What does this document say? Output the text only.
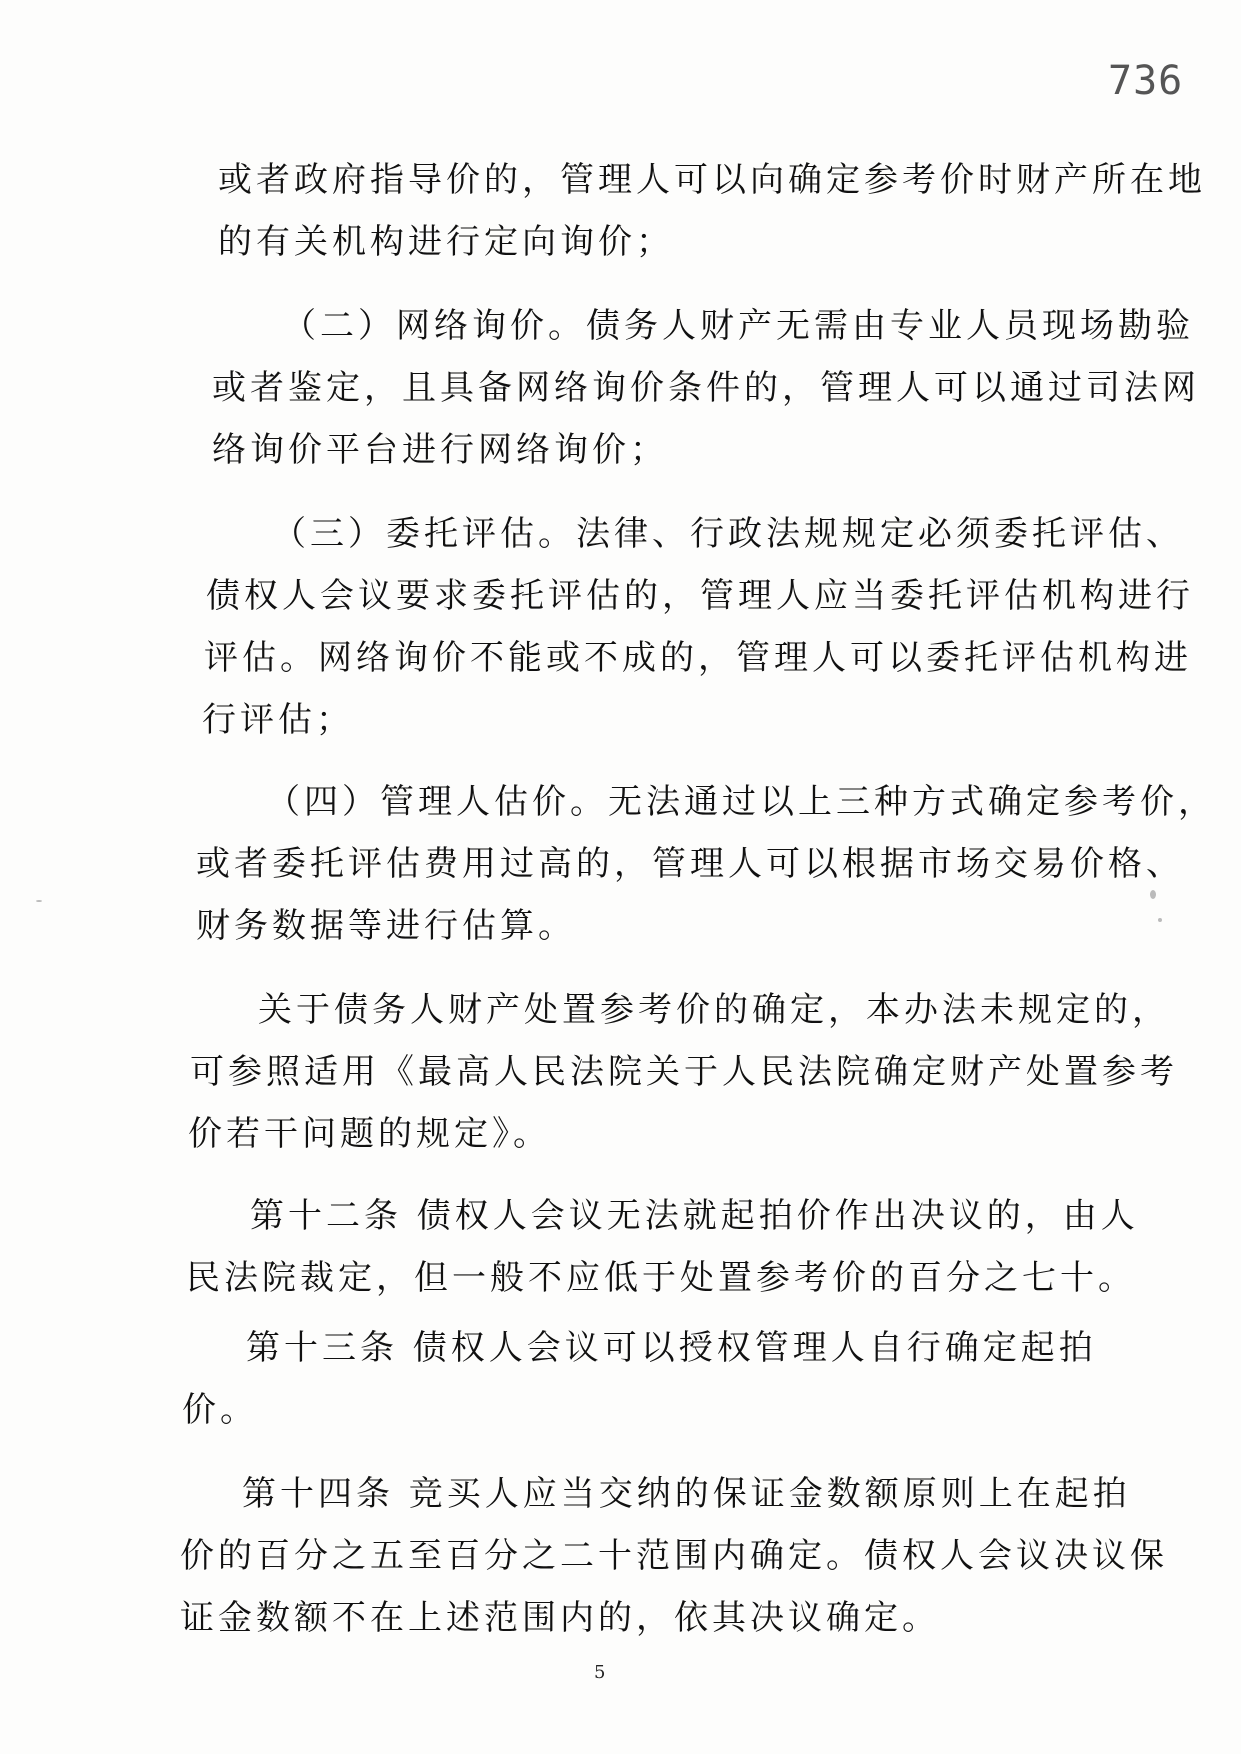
736
或者政府指导价的，管理人可以向确定参考价时财产所在地
的有关机构进行定向询价；
（二）网络询价。债务人财产无需由专业人员现场勘验
或者鉴定，且具备网络询价条件的，管理人可以通过司法网
络询价平台进行网络询价；
（三）委托评估。法律、行政法规规定必须委托评估、
债权人会议要求委托评估的，管理人应当委托评估机构进行
评估。网络询价不能或不成的，管理人可以委托评估机构进
行评估；
（四）管理人估价。无法通过以上三种方式确定参考价，
或者委托评估费用过高的，管理人可以根据市场交易价格、
财务数据等进行估算。
关于债务人财产处置参考价的确定，本办法未规定的，
可参照适用《最高人民法院关于人民法院确定财产处置参考
价若干问题的规定》。
第十二条 债权人会议无法就起拍价作出决议的，由人
民法院裁定，但一般不应低于处置参考价的百分之七十。
第十三条 债权人会议可以授权管理人自行确定起拍
价。
第十四条 竞买人应当交纳的保证金数额原则上在起拍
价的百分之五至百分之二十范围内确定。债权人会议决议保
证金数额不在上述范围内的，依其决议确定。
5
